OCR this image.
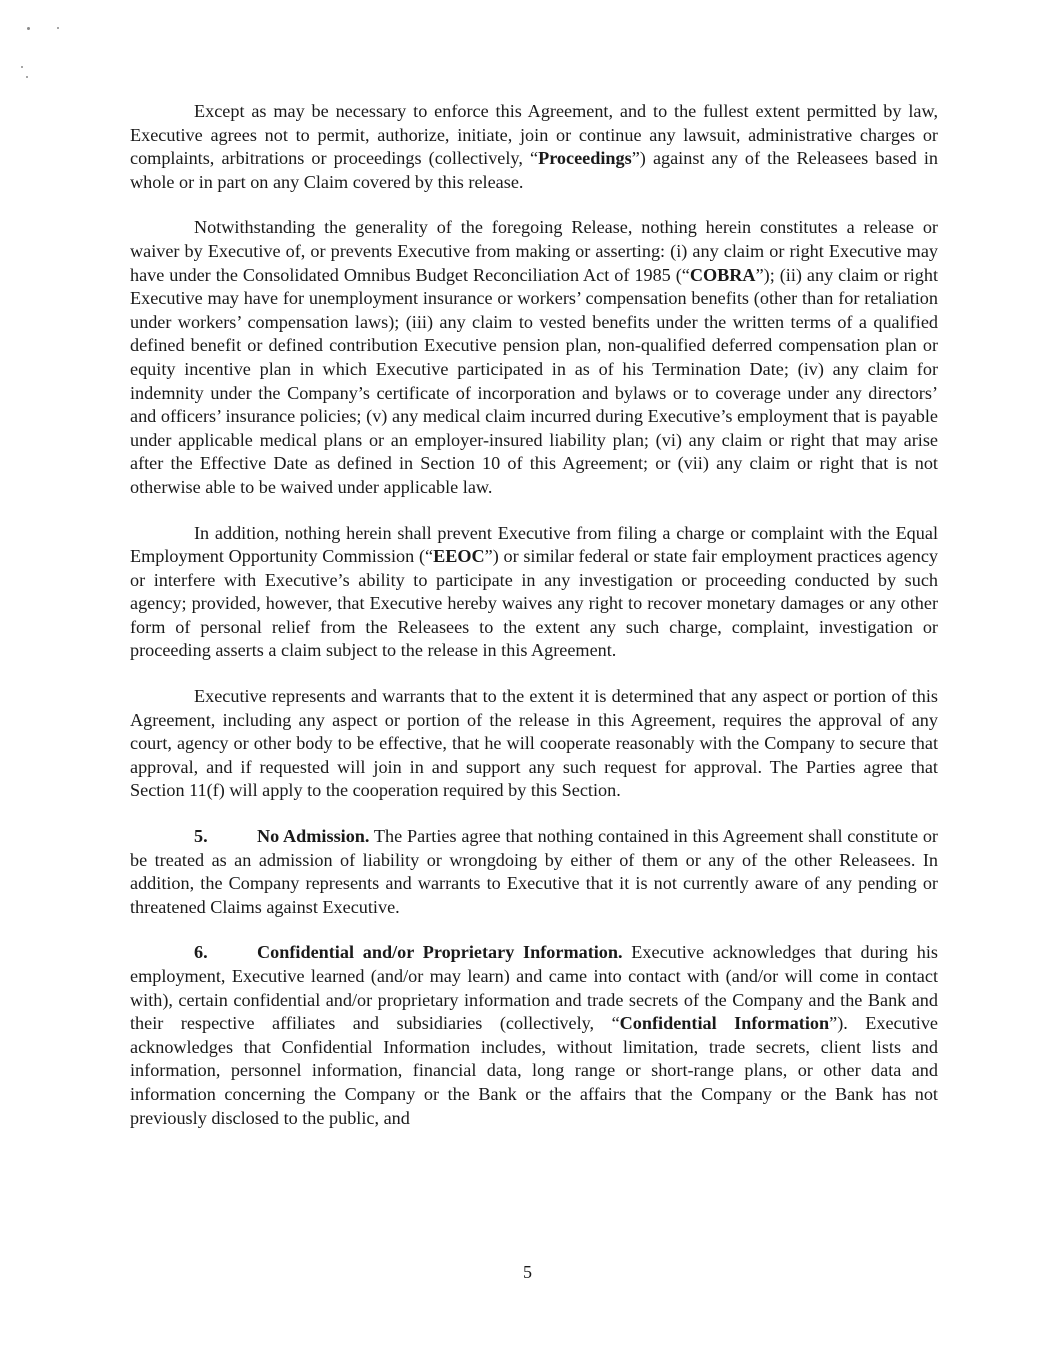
Except as may be necessary to enforce this Agreement, and to the fullest extent permitted by law, Executive agrees not to permit, authorize, initiate, join or continue any lawsuit, administrative charges or complaints, arbitrations or proceedings (collectively, “Proceedings”) against any of the Releasees based in whole or in part on any Claim covered by this release.

Notwithstanding the generality of the foregoing Release, nothing herein constitutes a release or waiver by Executive of, or prevents Executive from making or asserting: (i) any claim or right Executive may have under the Consolidated Omnibus Budget Reconciliation Act of 1985 (“COBRA”); (ii) any claim or right Executive may have for unemployment insurance or workers’ compensation benefits (other than for retaliation under workers’ compensation laws); (iii) any claim to vested benefits under the written terms of a qualified defined benefit or defined contribution Executive pension plan, non-qualified deferred compensation plan or equity incentive plan in which Executive participated in as of his Termination Date; (iv) any claim for indemnity under the Company’s certificate of incorporation and bylaws or to coverage under any directors’ and officers’ insurance policies; (v) any medical claim incurred during Executive’s employment that is payable under applicable medical plans or an employer-insured liability plan; (vi) any claim or right that may arise after the Effective Date as defined in Section 10 of this Agreement; or (vii) any claim or right that is not otherwise able to be waived under applicable law.

In addition, nothing herein shall prevent Executive from filing a charge or complaint with the Equal Employment Opportunity Commission (“EEOC”) or similar federal or state fair employment practices agency or interfere with Executive’s ability to participate in any investigation or proceeding conducted by such agency; provided, however, that Executive hereby waives any right to recover monetary damages or any other form of personal relief from the Releasees to the extent any such charge, complaint, investigation or proceeding asserts a claim subject to the release in this Agreement.

Executive represents and warrants that to the extent it is determined that any aspect or portion of this Agreement, including any aspect or portion of the release in this Agreement, requires the approval of any court, agency or other body to be effective, that he will cooperate reasonably with the Company to secure that approval, and if requested will join in and support any such request for approval. The Parties agree that Section 11(f) will apply to the cooperation required by this Section.

5.	No Admission. The Parties agree that nothing contained in this Agreement shall constitute or be treated as an admission of liability or wrongdoing by either of them or any of the other Releasees. In addition, the Company represents and warrants to Executive that it is not currently aware of any pending or threatened Claims against Executive.

6.	Confidential and/or Proprietary Information. Executive acknowledges that during his employment, Executive learned (and/or may learn) and came into contact with (and/or will come in contact with), certain confidential and/or proprietary information and trade secrets of the Company and the Bank and their respective affiliates and subsidiaries (collectively, “Confidential Information”). Executive acknowledges that Confidential Information includes, without limitation, trade secrets, client lists and information, personnel information, financial data, long range or short-range plans, or other data and information concerning the Company or the Bank or the affairs that the Company or the Bank has not previously disclosed to the public, and

5
